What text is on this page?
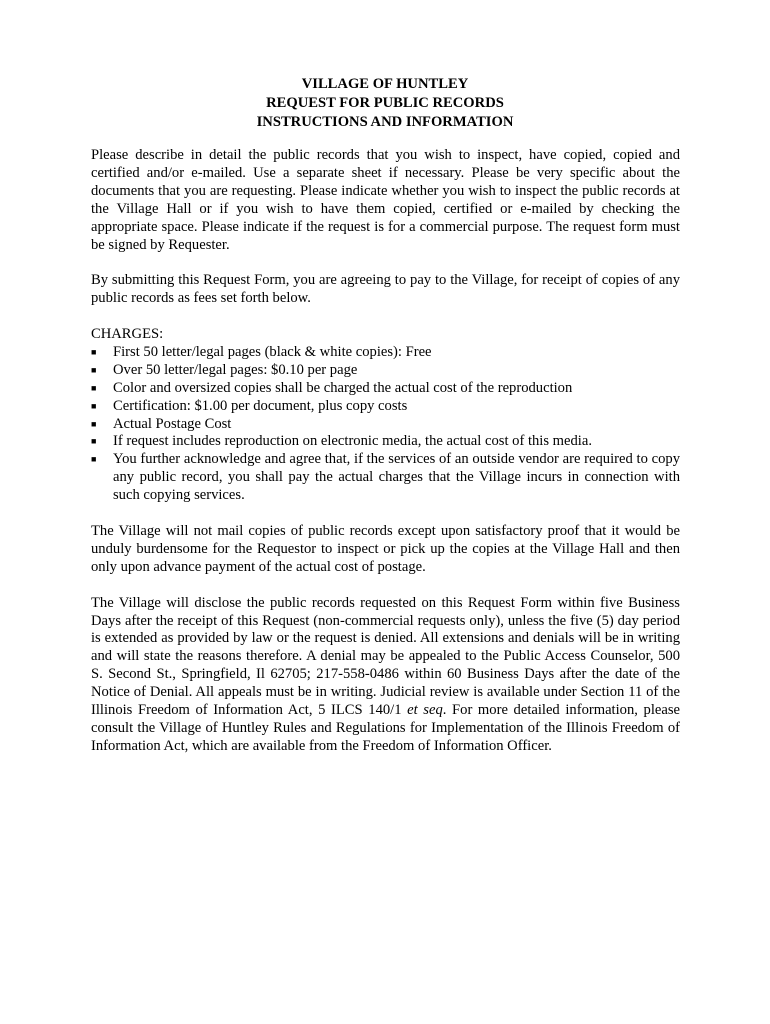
VILLAGE OF HUNTLEY
REQUEST FOR PUBLIC RECORDS
INSTRUCTIONS AND INFORMATION

Please describe in detail the public records that you wish to inspect, have copied, copied and certified and/or e-mailed. Use a separate sheet if necessary. Please be very specific about the documents that you are requesting. Please indicate whether you wish to inspect the public records at the Village Hall or if you wish to have them copied, certified or e-mailed by checking the appropriate space. Please indicate if the request is for a commercial purpose. The request form must be signed by Requester.

By submitting this Request Form, you are agreeing to pay to the Village, for receipt of copies of any public records as fees set forth below.

CHARGES:

■ First 50 letter/legal pages (black & white copies): Free
■ Over 50 letter/legal pages: $0.10 per page
■ Color and oversized copies shall be charged the actual cost of the reproduction
■ Certification: $1.00 per document, plus copy costs
■ Actual Postage Cost
■ If request includes reproduction on electronic media, the actual cost of this media.
■ You further acknowledge and agree that, if the services of an outside vendor are required to copy any public record, you shall pay the actual charges that the Village incurs in connection with such copying services.

The Village will not mail copies of public records except upon satisfactory proof that it would be unduly burdensome for the Requestor to inspect or pick up the copies at the Village Hall and then only upon advance payment of the actual cost of postage.

The Village will disclose the public records requested on this Request Form within five Business Days after the receipt of this Request (non-commercial requests only), unless the five (5) day period is extended as provided by law or the request is denied. All extensions and denials will be in writing and will state the reasons therefore. A denial may be appealed to the Public Access Counselor, 500 S. Second St., Springfield, Il 62705; 217-558-0486 within 60 Business Days after the date of the Notice of Denial. All appeals must be in writing. Judicial review is available under Section 11 of the Illinois Freedom of Information Act, 5 ILCS 140/1 et seq. For more detailed information, please consult the Village of Huntley Rules and Regulations for Implementation of the Illinois Freedom of Information Act, which are available from the Freedom of Information Officer.
